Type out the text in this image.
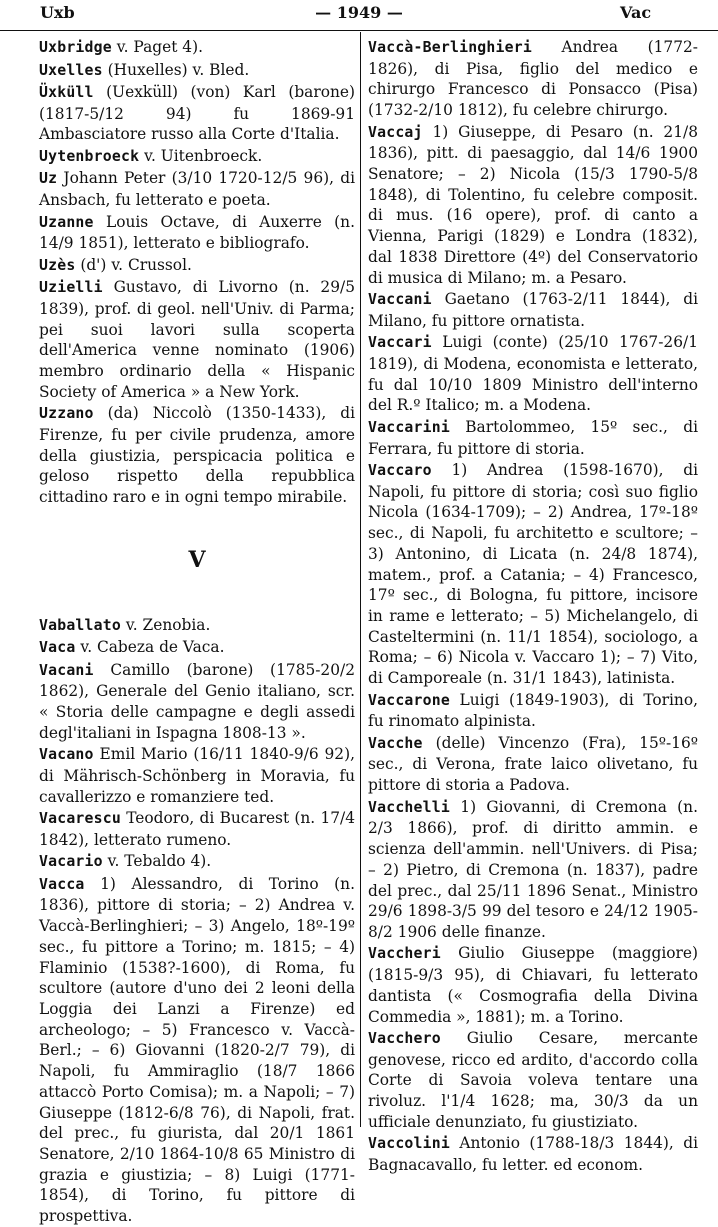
Uxb	— 1949 —	Vac
Uxbridge v. Paget 4).
Uxelles (Huxelles) v. Bled.
Üxküll (Uexküll) (von) Karl (barone) (1817-5/12 94) fu 1869-91 Ambasciatore russo alla Corte d'Italia.
Uytenbroeck v. Uitenbroeck.
Uz Johann Peter (3/10 1720-12/5 96), di Ansbach, fu letterato e poeta.
Uzanne Louis Octave, di Auxerre (n. 14/9 1851), letterato e bibliografo.
Uzès (d') v. Crussol.
Uzielli Gustavo, di Livorno (n. 29/5 1839), prof. di geol. nell'Univ. di Parma; pei suoi lavori sulla scoperta dell'America venne nominato (1906) membro ordinario della « Hispanic Society of America » a New York.
Uzzano (da) Niccolò (1350-1433), di Firenze, fu per civile prudenza, amore della giustizia, perspicacia politica e geloso rispetto della repubblica cittadino raro e in ogni tempo mirabile.
V
Vaballato v. Zenobia.
Vaca v. Cabeza de Vaca.
Vacani Camillo (barone) (1785-20/2 1862), Generale del Genio italiano, scr. « Storia delle campagne e degli assedi degl'italiani in Ispagna 1808-13 ».
Vacano Emil Mario (16/11 1840-9/6 92), di Mährisch-Schönberg in Moravia, fu cavallerizzo e romanziere ted.
Vacarescu Teodoro, di Bucarest (n. 17/4 1842), letterato rumeno.
Vacario v. Tebaldo 4).
Vacca 1) Alessandro, di Torino (n. 1836), pittore di storia; – 2) Andrea v. Vaccà-Berlinghieri; – 3) Angelo, 18º-19º sec., fu pittore a Torino; m. 1815; – 4) Flaminio (1538?-1600), di Roma, fu scultore (autore d'uno dei 2 leoni della Loggia dei Lanzi a Firenze) ed archeologo; – 5) Francesco v. Vaccà-Berl.; – 6) Giovanni (1820-2/7 79), di Napoli, fu Ammiraglio (18/7 1866 attaccò Porto Comisa); m. a Napoli; – 7) Giuseppe (1812-6/8 76), di Napoli, frat. del prec., fu giurista, dal 20/1 1861 Senatore, 2/10 1864-10/8 65 Ministro di grazia e giustizia; – 8) Luigi (1771-1854), di Torino, fu pittore di prospettiva.
Vaccà-Berlinghieri Andrea (1772-1826), di Pisa, figlio del medico e chirurgo Francesco di Ponsacco (Pisa) (1732-2/10 1812), fu celebre chirurgo.
Vaccaj 1) Giuseppe, di Pesaro (n. 21/8 1836), pitt. di paesaggio, dal 14/6 1900 Senatore; – 2) Nicola (15/3 1790-5/8 1848), di Tolentino, fu celebre composit. di mus. (16 opere), prof. di canto a Vienna, Parigi (1829) e Londra (1832), dal 1838 Direttore (4º) del Conservatorio di musica di Milano; m. a Pesaro.
Vaccani Gaetano (1763-2/11 1844), di Milano, fu pittore ornatista.
Vaccari Luigi (conte) (25/10 1767-26/1 1819), di Modena, economista e letterato, fu dal 10/10 1809 Ministro dell'interno del R.º Italico; m. a Modena.
Vaccarini Bartolommeo, 15º sec., di Ferrara, fu pittore di storia.
Vaccaro 1) Andrea (1598-1670), di Napoli, fu pittore di storia; così suo figlio Nicola (1634-1709); – 2) Andrea, 17º-18º sec., di Napoli, fu architetto e scultore; – 3) Antonino, di Licata (n. 24/8 1874), matem., prof. a Catania; – 4) Francesco, 17º sec., di Bologna, fu pittore, incisore in rame e letterato; – 5) Michelangelo, di Casteltermini (n. 11/1 1854), sociologo, a Roma; – 6) Nicola v. Vaccaro 1); – 7) Vito, di Camporeale (n. 31/1 1843), latinista.
Vaccarone Luigi (1849-1903), di Torino, fu rinomato alpinista.
Vacche (delle) Vincenzo (Fra), 15º-16º sec., di Verona, frate laico olivetano, fu pittore di storia a Padova.
Vacchelli 1) Giovanni, di Cremona (n. 2/3 1866), prof. di diritto ammin. e scienza dell'ammin. nell'Univers. di Pisa; – 2) Pietro, di Cremona (n. 1837), padre del prec., dal 25/11 1896 Senat., Ministro 29/6 1898-3/5 99 del tesoro e 24/12 1905-8/2 1906 delle finanze.
Vaccheri Giulio Giuseppe (maggiore) (1815-9/3 95), di Chiavari, fu letterato dantista (« Cosmografia della Divina Commedia », 1881); m. a Torino.
Vacchero Giulio Cesare, mercante genovese, ricco ed ardito, d'accordo colla Corte di Savoia voleva tentare una rivoluz. l'1/4 1628; ma, 30/3 da un ufficiale denunziato, fu giustiziato.
Vaccolini Antonio (1788-18/3 1844), di Bagnacavallo, fu letter. ed econom.
